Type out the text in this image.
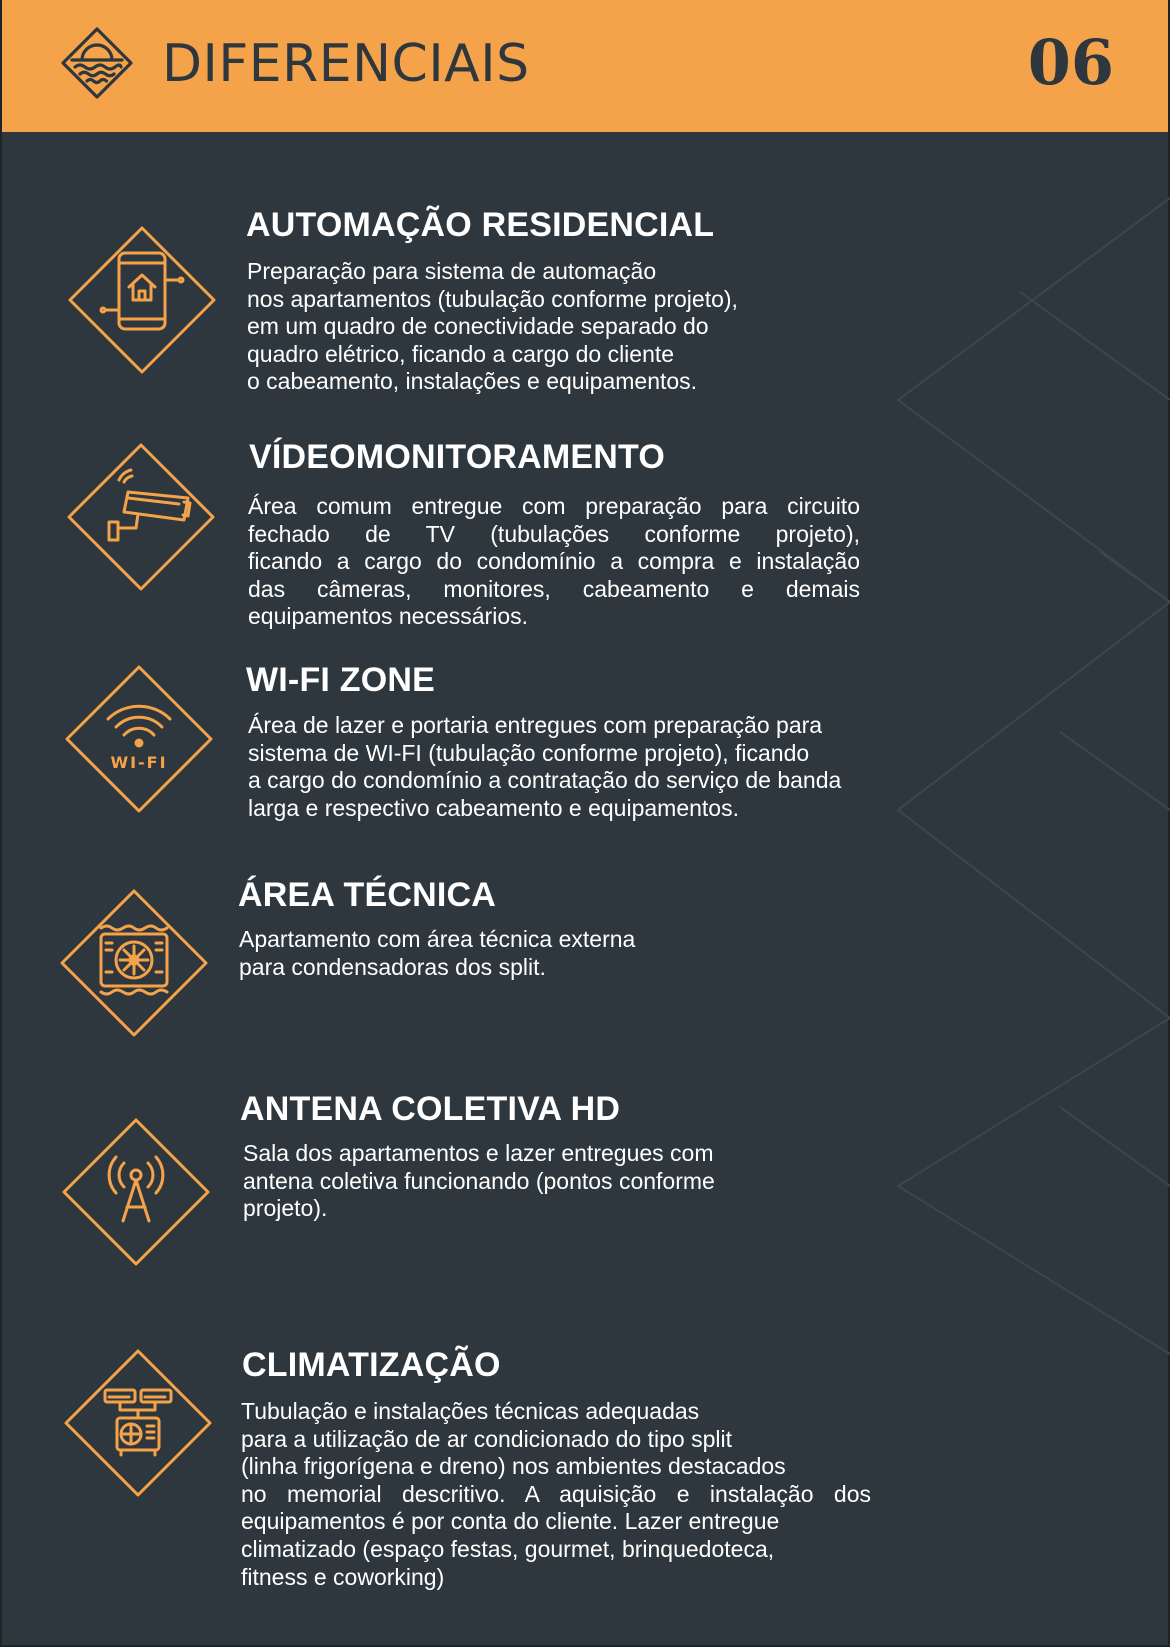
DIFERENCIAIS	06
AUTOMAÇÃO RESIDENCIAL
Preparação para sistema de automação
nos apartamentos (tubulação conforme projeto),
em um quadro de conectividade separado do
quadro elétrico, ficando a cargo do cliente
o cabeamento, instalações e equipamentos.
VÍDEOMONITORAMENTO
Área comum entregue com preparação para circuito
fechado de TV (tubulações conforme projeto),
ficando a cargo do condomínio a compra e instalação
das câmeras, monitores, cabeamento e demais
equipamentos necessários.
WI-FI
WI-FI ZONE
Área de lazer e portaria entregues com preparação para
sistema de WI-FI (tubulação conforme projeto), ficando
a cargo do condomínio a contratação do serviço de banda
larga e respectivo cabeamento e equipamentos.
ÁREA TÉCNICA
Apartamento com área técnica externa
para condensadoras dos split.
ANTENA COLETIVA HD
Sala dos apartamentos e lazer entregues com
antena coletiva funcionando (pontos conforme
projeto).
CLIMATIZAÇÃO
Tubulação e instalações técnicas adequadas
para a utilização de ar condicionado do tipo split
(linha frigorígena e dreno) nos ambientes destacados
no memorial descritivo. A aquisição e instalação dos
equipamentos é por conta do cliente. Lazer entregue
climatizado (espaço festas, gourmet, brinquedoteca,
fitness e coworking)
